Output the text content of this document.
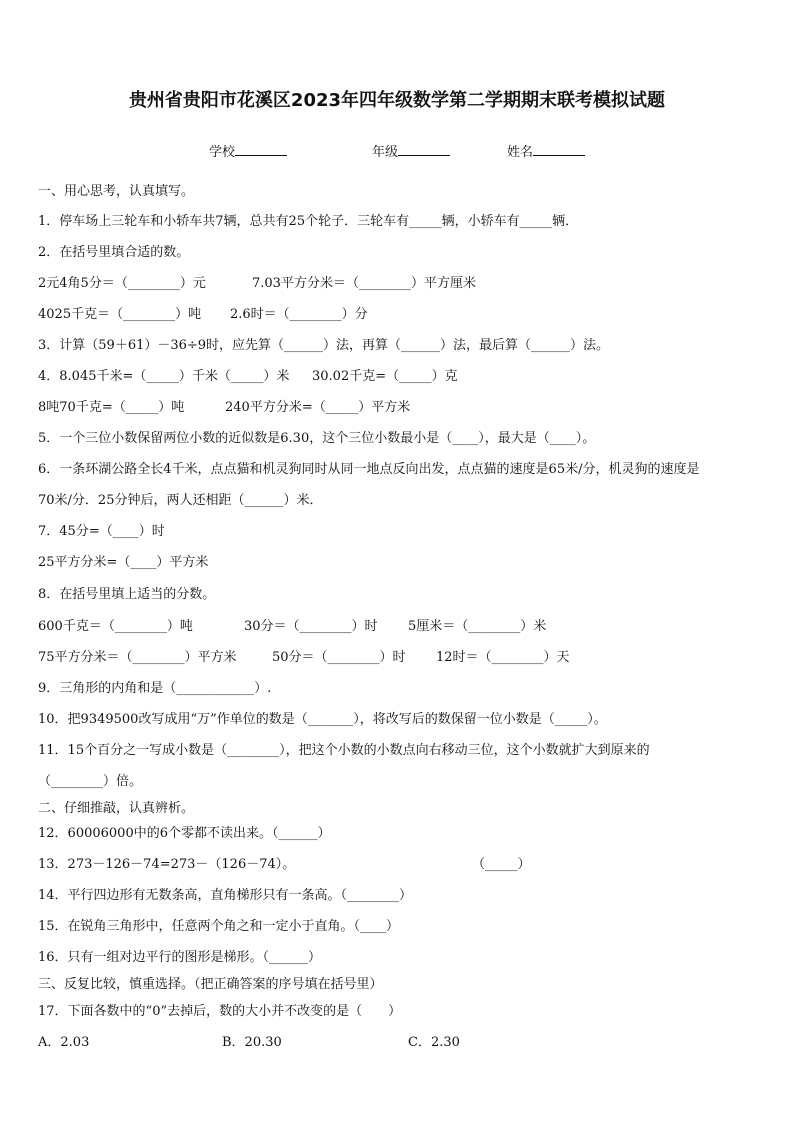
贵州省贵阳市花溪区2023年四年级数学第二学期期末联考模拟试题
学校	年级	姓名
一、用心思考，认真填写。
1．停车场上三轮车和小轿车共7辆，总共有25个轮子．三轮车有_____辆，小轿车有_____辆．
2．在括号里填合适的数。
2元4角5分＝（________）元	7.03平方分米＝（________）平方厘米
4025千克＝（________）吨 2.6时＝（________）分
3．计算（59＋61）－36÷9时，应先算（______）法，再算（______）法，最后算（______）法。
4．8.045千米=（_____）千米（_____）米 30.02千克=（_____）克
8吨70千克=（_____）吨	240平方分米=（_____）平方米
5．一个三位小数保留两位小数的近似数是6.30，这个三位小数最小是（____），最大是（____）。
6．一条环湖公路全长4千米，点点猫和机灵狗同时从同一地点反向出发，点点猫的速度是65米/分，机灵狗的速度是
70米/分．25分钟后，两人还相距（______）米．
7．45分=（____）时
25平方分米=（____）平方米
8．在括号里填上适当的分数。
600千克＝（________）吨	30分＝（________）时 5厘米＝（________）米
75平方分米＝（________）平方米	50分＝（________）时 12时＝（________）天
9．三角形的内角和是（____________）.
10．把9349500改写成用“万”作单位的数是（_______），将改写后的数保留一位小数是（_____）。
11．15个百分之一写成小数是（________），把这个小数的小数点向右移动三位，这个小数就扩大到原来的
（________）倍。
二、仔细推敲，认真辨析。
12．60006000中的6个零都不读出来。（______）
13．273－126－74=273－（126－74）。	（_____）
14．平行四边形有无数条高，直角梯形只有一条高。（________）
15．在锐角三角形中，任意两个角之和一定小于直角。（____）
16．只有一组对边平行的图形是梯形。（______）
三、反复比较，慎重选择。（把正确答案的序号填在括号里）
17．下面各数中的“0”去掉后，数的大小并不改变的是（　　）
A．2.03	B．20.30	C．2.30
